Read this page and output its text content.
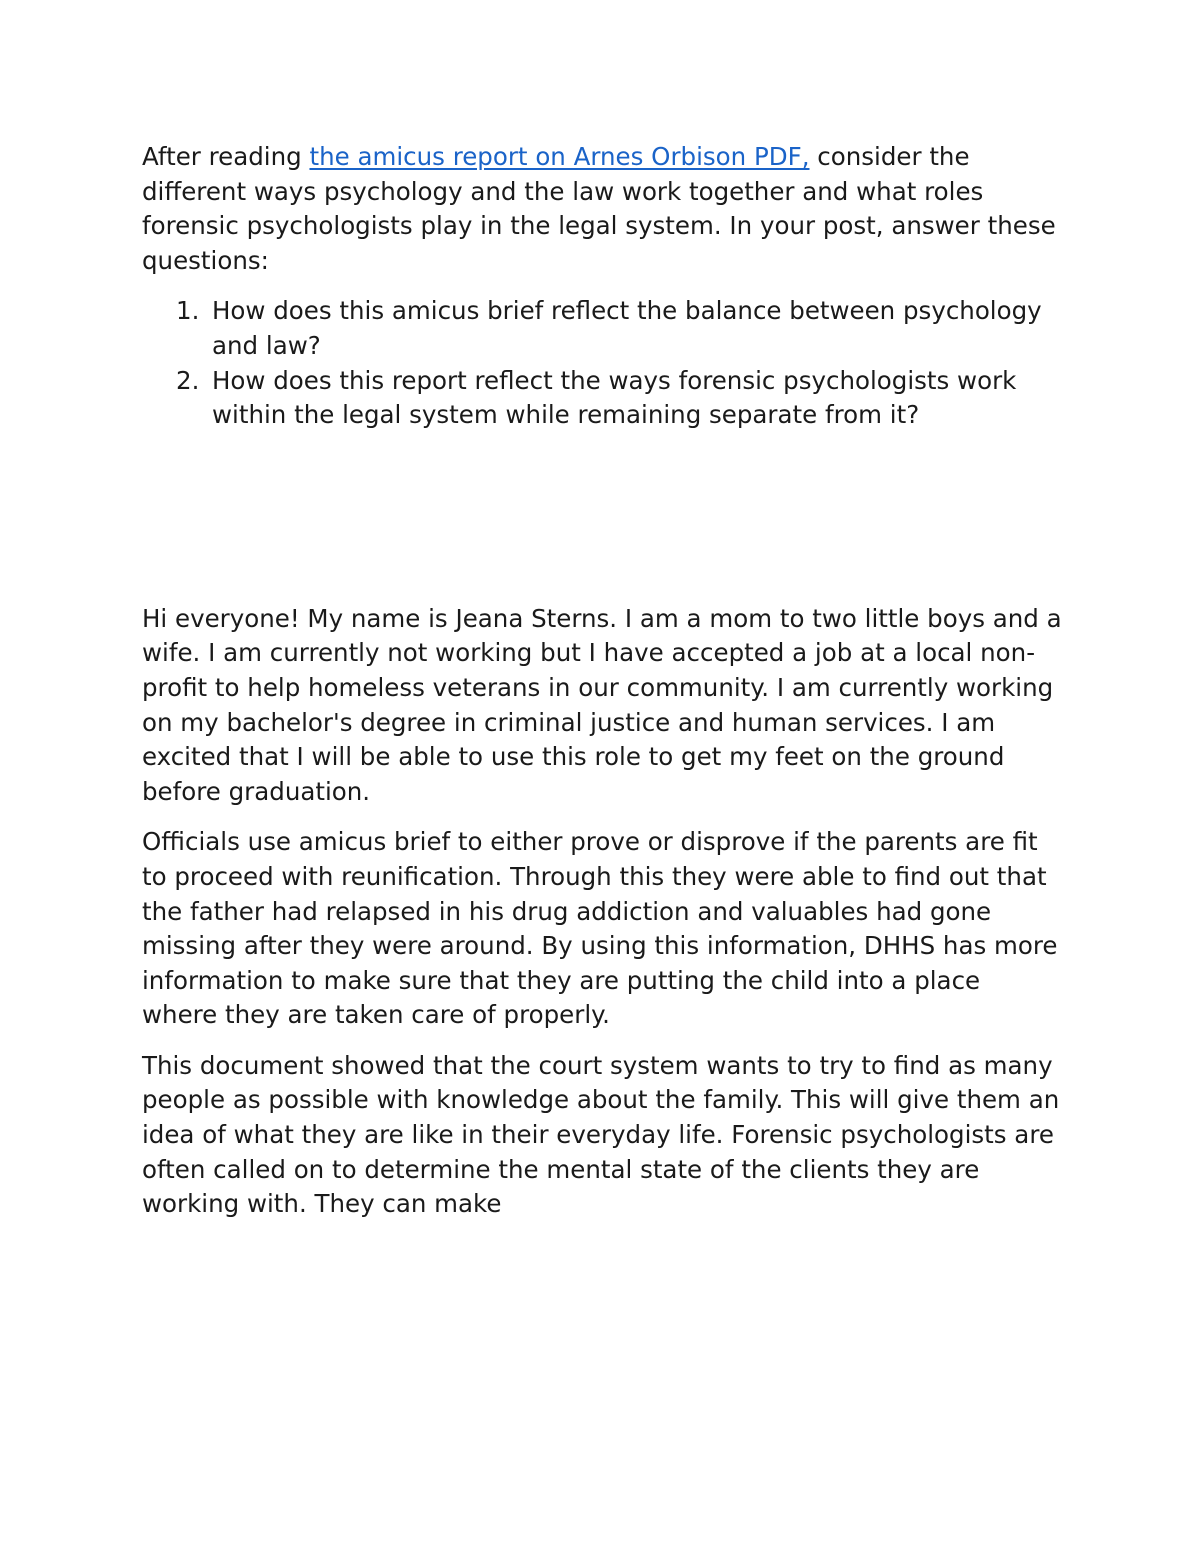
After reading the amicus report on Arnes Orbison PDF, consider the different ways psychology and the law work together and what roles forensic psychologists play in the legal system. In your post, answer these questions:

1. How does this amicus brief reflect the balance between psychology and law?
2. How does this report reflect the ways forensic psychologists work within the legal system while remaining separate from it?

Hi everyone! My name is Jeana Sterns. I am a mom to two little boys and a wife. I am currently not working but I have accepted a job at a local non-profit to help homeless veterans in our community. I am currently working on my bachelor's degree in criminal justice and human services. I am excited that I will be able to use this role to get my feet on the ground before graduation.

Officials use amicus brief to either prove or disprove if the parents are fit to proceed with reunification. Through this they were able to find out that the father had relapsed in his drug addiction and valuables had gone missing after they were around. By using this information, DHHS has more information to make sure that they are putting the child into a place where they are taken care of properly.

This document showed that the court system wants to try to find as many people as possible with knowledge about the family. This will give them an idea of what they are like in their everyday life. Forensic psychologists are often called on to determine the mental state of the clients they are working with. They can make
